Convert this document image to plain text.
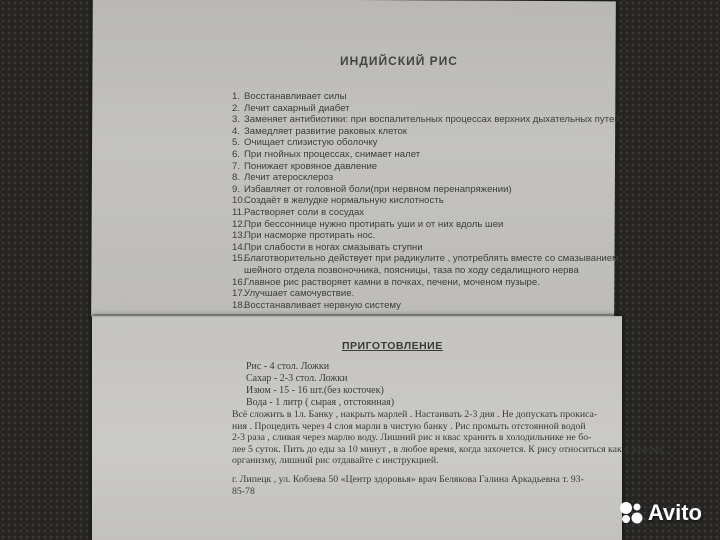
ИНДИЙСКИЙ РИС
1. Восстанавливает силы
2. Лечит сахарный диабет
3. Заменяет антибиотики: при воспалительных процессах верхних дыхательных путей
4. Замедляет развитие раковых клеток
5. Очищает слизистую оболочку
6. При гнойных процессах, снимает налет
7. Понижает кровяное давление
8. Лечит атеросклероз
9. Избавляет от головной боли(при нервном перенапряжении)
10.Создаёт в желудке нормальную кислотность
11.Растворяет соли в сосудах
12.При бессоннице нужно протирать уши и от них вдоль шеи
13.При насморке протирать нос.
14.При слабости в ногах смазывать ступни
15.Благотворительно действует при радикулите , употреблять вместе со смазыванием
шейного отдела позвоночника, поясницы, таза по ходу седалищного нерва
16.Главное рис растворяет камни в почках, печени, моченом пузыре.
17.Улучшает самочувствие.
18.Восстанавливает нервную систему
ПРИГОТОВЛЕНИЕ
Рис - 4 стол. Ложки
Сахар - 2-3 стол. Ложки
Изюм - 15 - 16 шт.(без косточек)
Вода - 1 литр ( сырая , отстоянная)
Всё сложить в 1л. Банку , накрыть марлей . Настаивать 2-3 дня . Не допускать прокиса-
ния . Процедить через 4 слоя марли в чистую банку . Рис промыть отстоянной водой
2-3 раза , сливая через марлю воду. Лишний рис и квас хранить в холодильнике не бо-
лее 5 суток. Пить до еды за 10 минут , в любое время, когда захочется. К рису относиться как к живому
организму, лишний рис отдавайте с инструкцией.
г. Липецк , ул. Кобзева 50 «Центр здоровья» врач Белякова Галина Аркадьевна т. 93-
85-78
Avito
